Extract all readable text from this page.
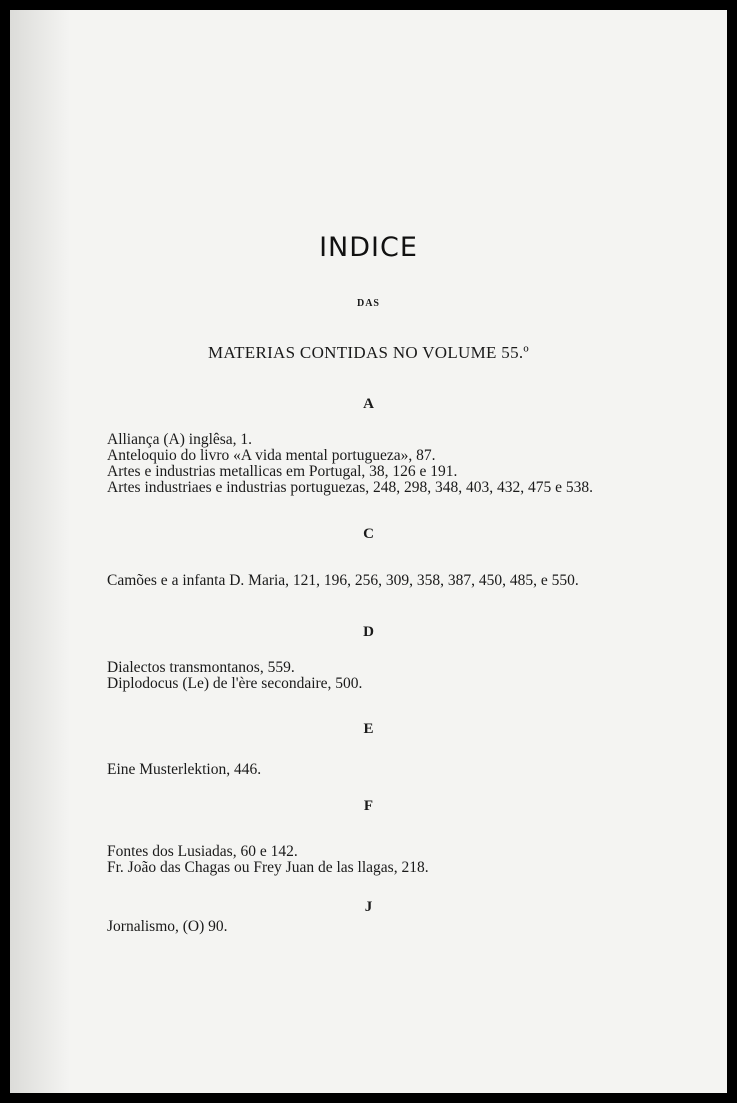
INDICE
DAS
MATERIAS CONTIDAS NO VOLUME 55.º
A
Alliança (A) inglêsa, 1.
Anteloquio do livro «A vida mental portugueza», 87.
Artes e industrias metallicas em Portugal, 38, 126 e 191.
Artes industriaes e industrias portuguezas, 248, 298, 348, 403, 432, 475 e 538.
C
Camões e a infanta D. Maria, 121, 196, 256, 309, 358, 387, 450, 485, e 550.
D
Dialectos transmontanos, 559.
Diplodocus (Le) de l'ère secondaire, 500.
E
Eine Musterlektion, 446.
F
Fontes dos Lusiadas, 60 e 142.
Fr. João das Chagas ou Frey Juan de las llagas, 218.
J
Jornalismo, (O) 90.
